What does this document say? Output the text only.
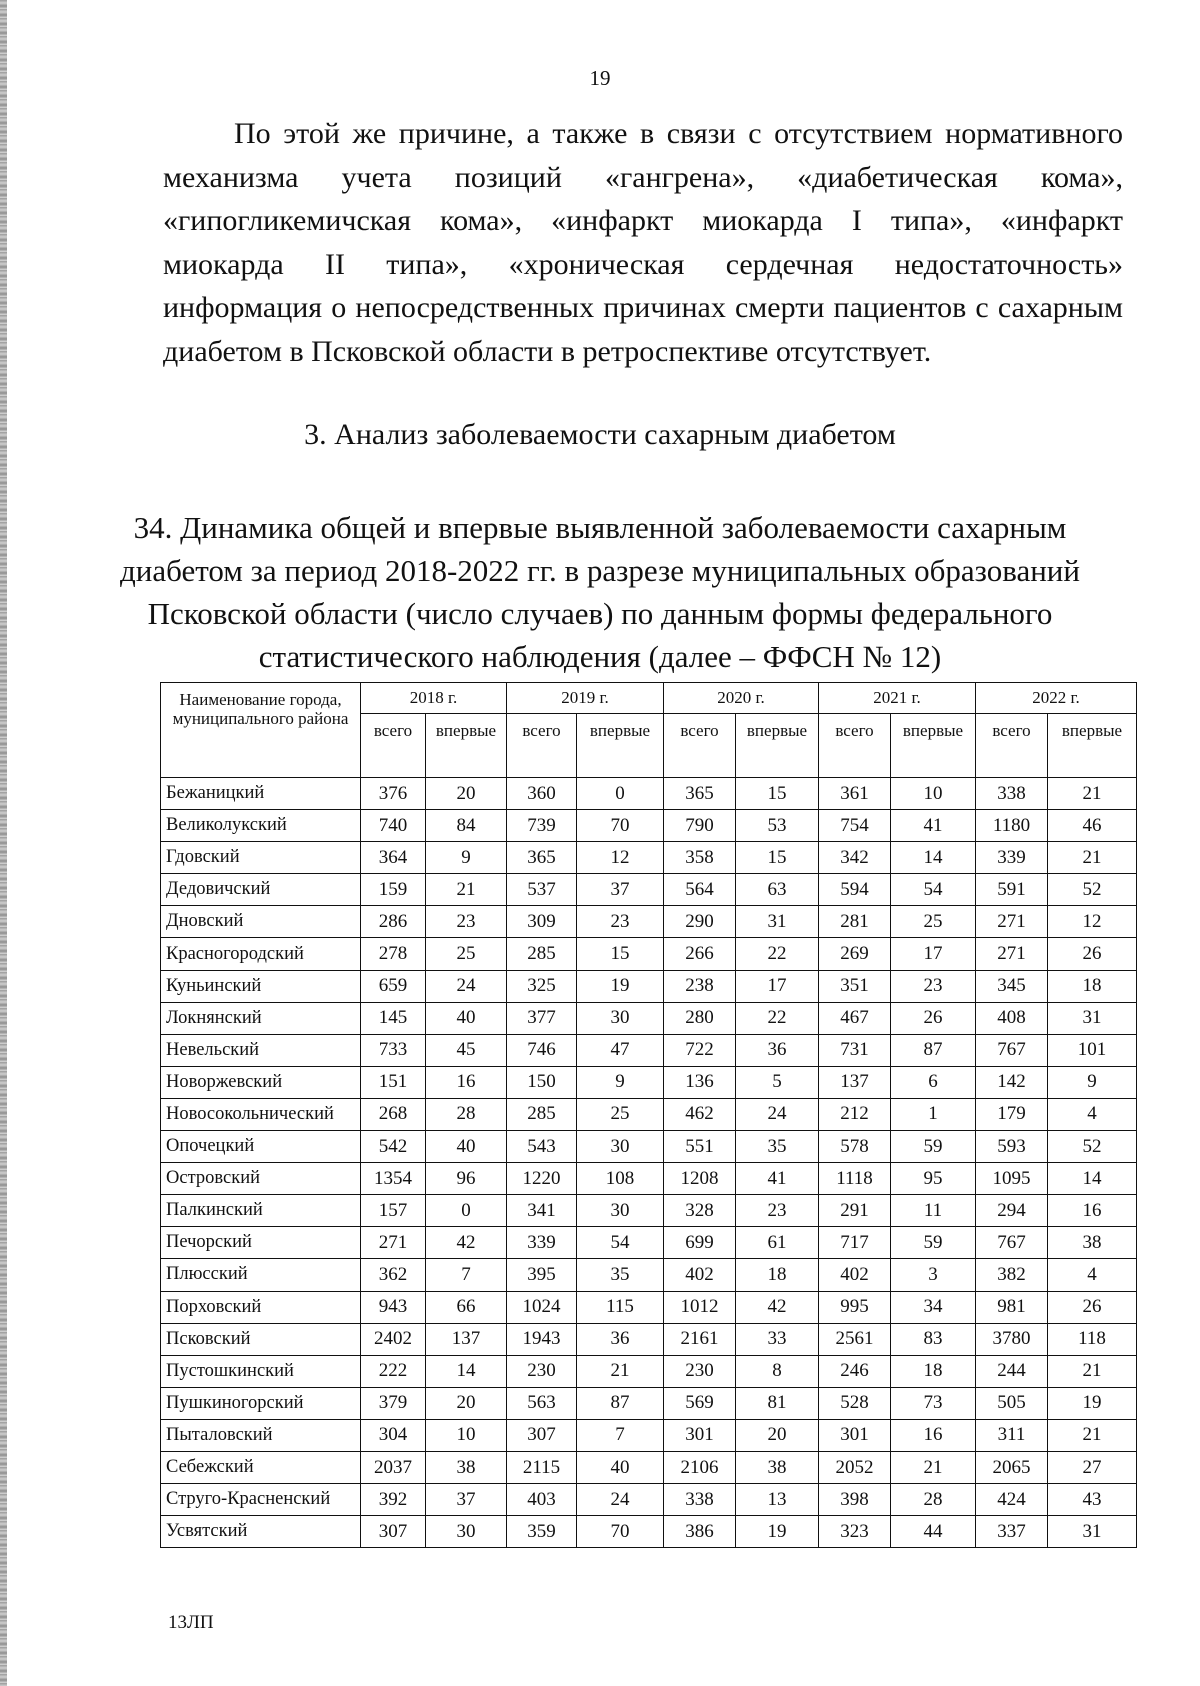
19

По этой же причине, а также в связи с отсутствием нормативного
механизма учета позиций «гангрена», «диабетическая кома»,
«гипогликемичская кома», «инфаркт миокарда I типа», «инфаркт
миокарда II типа», «хроническая сердечная недостаточность»
информация о непосредственных причинах смерти пациентов с сахарным
диабетом в Псковской области в ретроспективе отсутствует.

3. Анализ заболеваемости сахарным диабетом
34. Динамика общей и впервые выявленной заболеваемости сахарным
диабетом за период 2018-2022 гг. в разрезе муниципальных образований
Псковской области (число случаев) по данным формы федерального
статистического наблюдения (далее – ФФСН № 12)
Наименование города, муниципального района	2018 г.		2019 г.		2020 г.		2021 г.		2022 г.	
	всего	впервые	всего	впервые	всего	впервые	всего	впервые	всего	впервые
Бежаницкий	376	20	360	0	365	15	361	10	338	21
Великолукский	740	84	739	70	790	53	754	41	1180	46
Гдовский	364	9	365	12	358	15	342	14	339	21
Дедовичский	159	21	537	37	564	63	594	54	591	52
Дновский	286	23	309	23	290	31	281	25	271	12
Красногородский	278	25	285	15	266	22	269	17	271	26
Куньинский	659	24	325	19	238	17	351	23	345	18
Локнянский	145	40	377	30	280	22	467	26	408	31
Невельский	733	45	746	47	722	36	731	87	767	101
Новоржевский	151	16	150	9	136	5	137	6	142	9
Новосокольнический	268	28	285	25	462	24	212	1	179	4
Опочецкий	542	40	543	30	551	35	578	59	593	52
Островский	1354	96	1220	108	1208	41	1118	95	1095	14
Палкинский	157	0	341	30	328	23	291	11	294	16
Печорский	271	42	339	54	699	61	717	59	767	38
Плюсский	362	7	395	35	402	18	402	3	382	4
Порховский	943	66	1024	115	1012	42	995	34	981	26
Псковский	2402	137	1943	36	2161	33	2561	83	3780	118
Пустошкинский	222	14	230	21	230	8	246	18	244	21
Пушкиногорский	379	20	563	87	569	81	528	73	505	19
Пыталовский	304	10	307	7	301	20	301	16	311	21
Себежский	2037	38	2115	40	2106	38	2052	21	2065	27
Струго-Красненский	392	37	403	24	338	13	398	28	424	43
Усвятский	307	30	359	70	386	19	323	44	337	31
13ЛП
